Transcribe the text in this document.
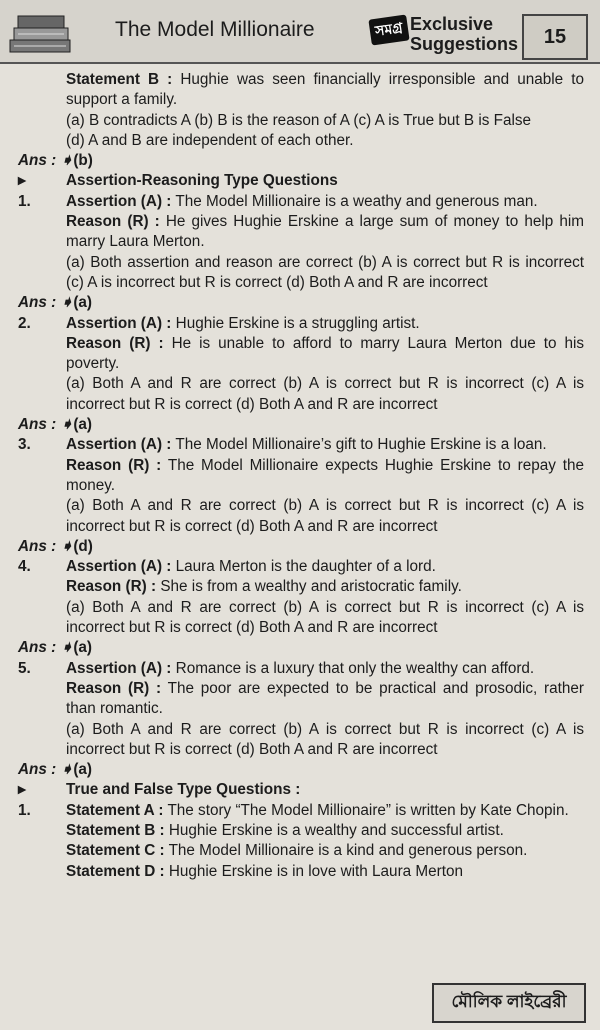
The Model Millionaire	সমগ্র Exclusive
Suggestions	15
Statement B : Hughie was seen financially irresponsible and unable to support a family.
(a) B contradicts A (b) B is the reason of A (c) A is True but B is False
(d) A and B are independent of each other.
Ans : ➧(b)
▸	Assertion-Reasoning Type Questions
1. Assertion (A) : The Model Millionaire is a weathy and generous man.
Reason (R) : He gives Hughie Erskine a large sum of money to help him marry Laura Merton.
(a) Both assertion and reason are correct (b) A is correct but R is incorrect (c) A is incorrect but R is correct (d) Both A and R are incorrect
Ans : ➧(a)
2. Assertion (A) : Hughie Erskine is a struggling artist.
Reason (R) : He is unable to afford to marry Laura Merton due to his poverty.
(a) Both A and R are correct (b) A is correct but R is incorrect (c) A is incorrect but R is correct (d) Both A and R are incorrect
Ans : ➧(a)
3. Assertion (A) : The Model Millionaire’s gift to Hughie Erskine is a loan.
Reason (R) : The Model Millionaire expects Hughie Erskine to repay the money.
(a) Both A and R are correct (b) A is correct but R is incorrect (c) A is incorrect but R is correct (d) Both A and R are incorrect
Ans : ➧(d)
4. Assertion (A) : Laura Merton is the daughter of a lord.
Reason (R) : She is from a wealthy and aristocratic family.
(a) Both A and R are correct (b) A is correct but R is incorrect (c) A is incorrect but R is correct (d) Both A and R are incorrect
Ans : ➧(a)
5. Assertion (A) : Romance is a luxury that only the wealthy can afford.
Reason (R) : The poor are expected to be practical and prosodic, rather than romantic.
(a) Both A and R are correct (b) A is correct but R is incorrect (c) A is incorrect but R is correct (d) Both A and R are incorrect
Ans : ➧(a)
▸	True and False Type Questions :
1. Statement A : The story “The Model Millionaire” is written by Kate Chopin.
Statement B : Hughie Erskine is a wealthy and successful artist.
Statement C : The Model Millionaire is a kind and generous person.
Statement D : Hughie Erskine is in love with Laura Merton
মৌলিক লাইব্রেরী
